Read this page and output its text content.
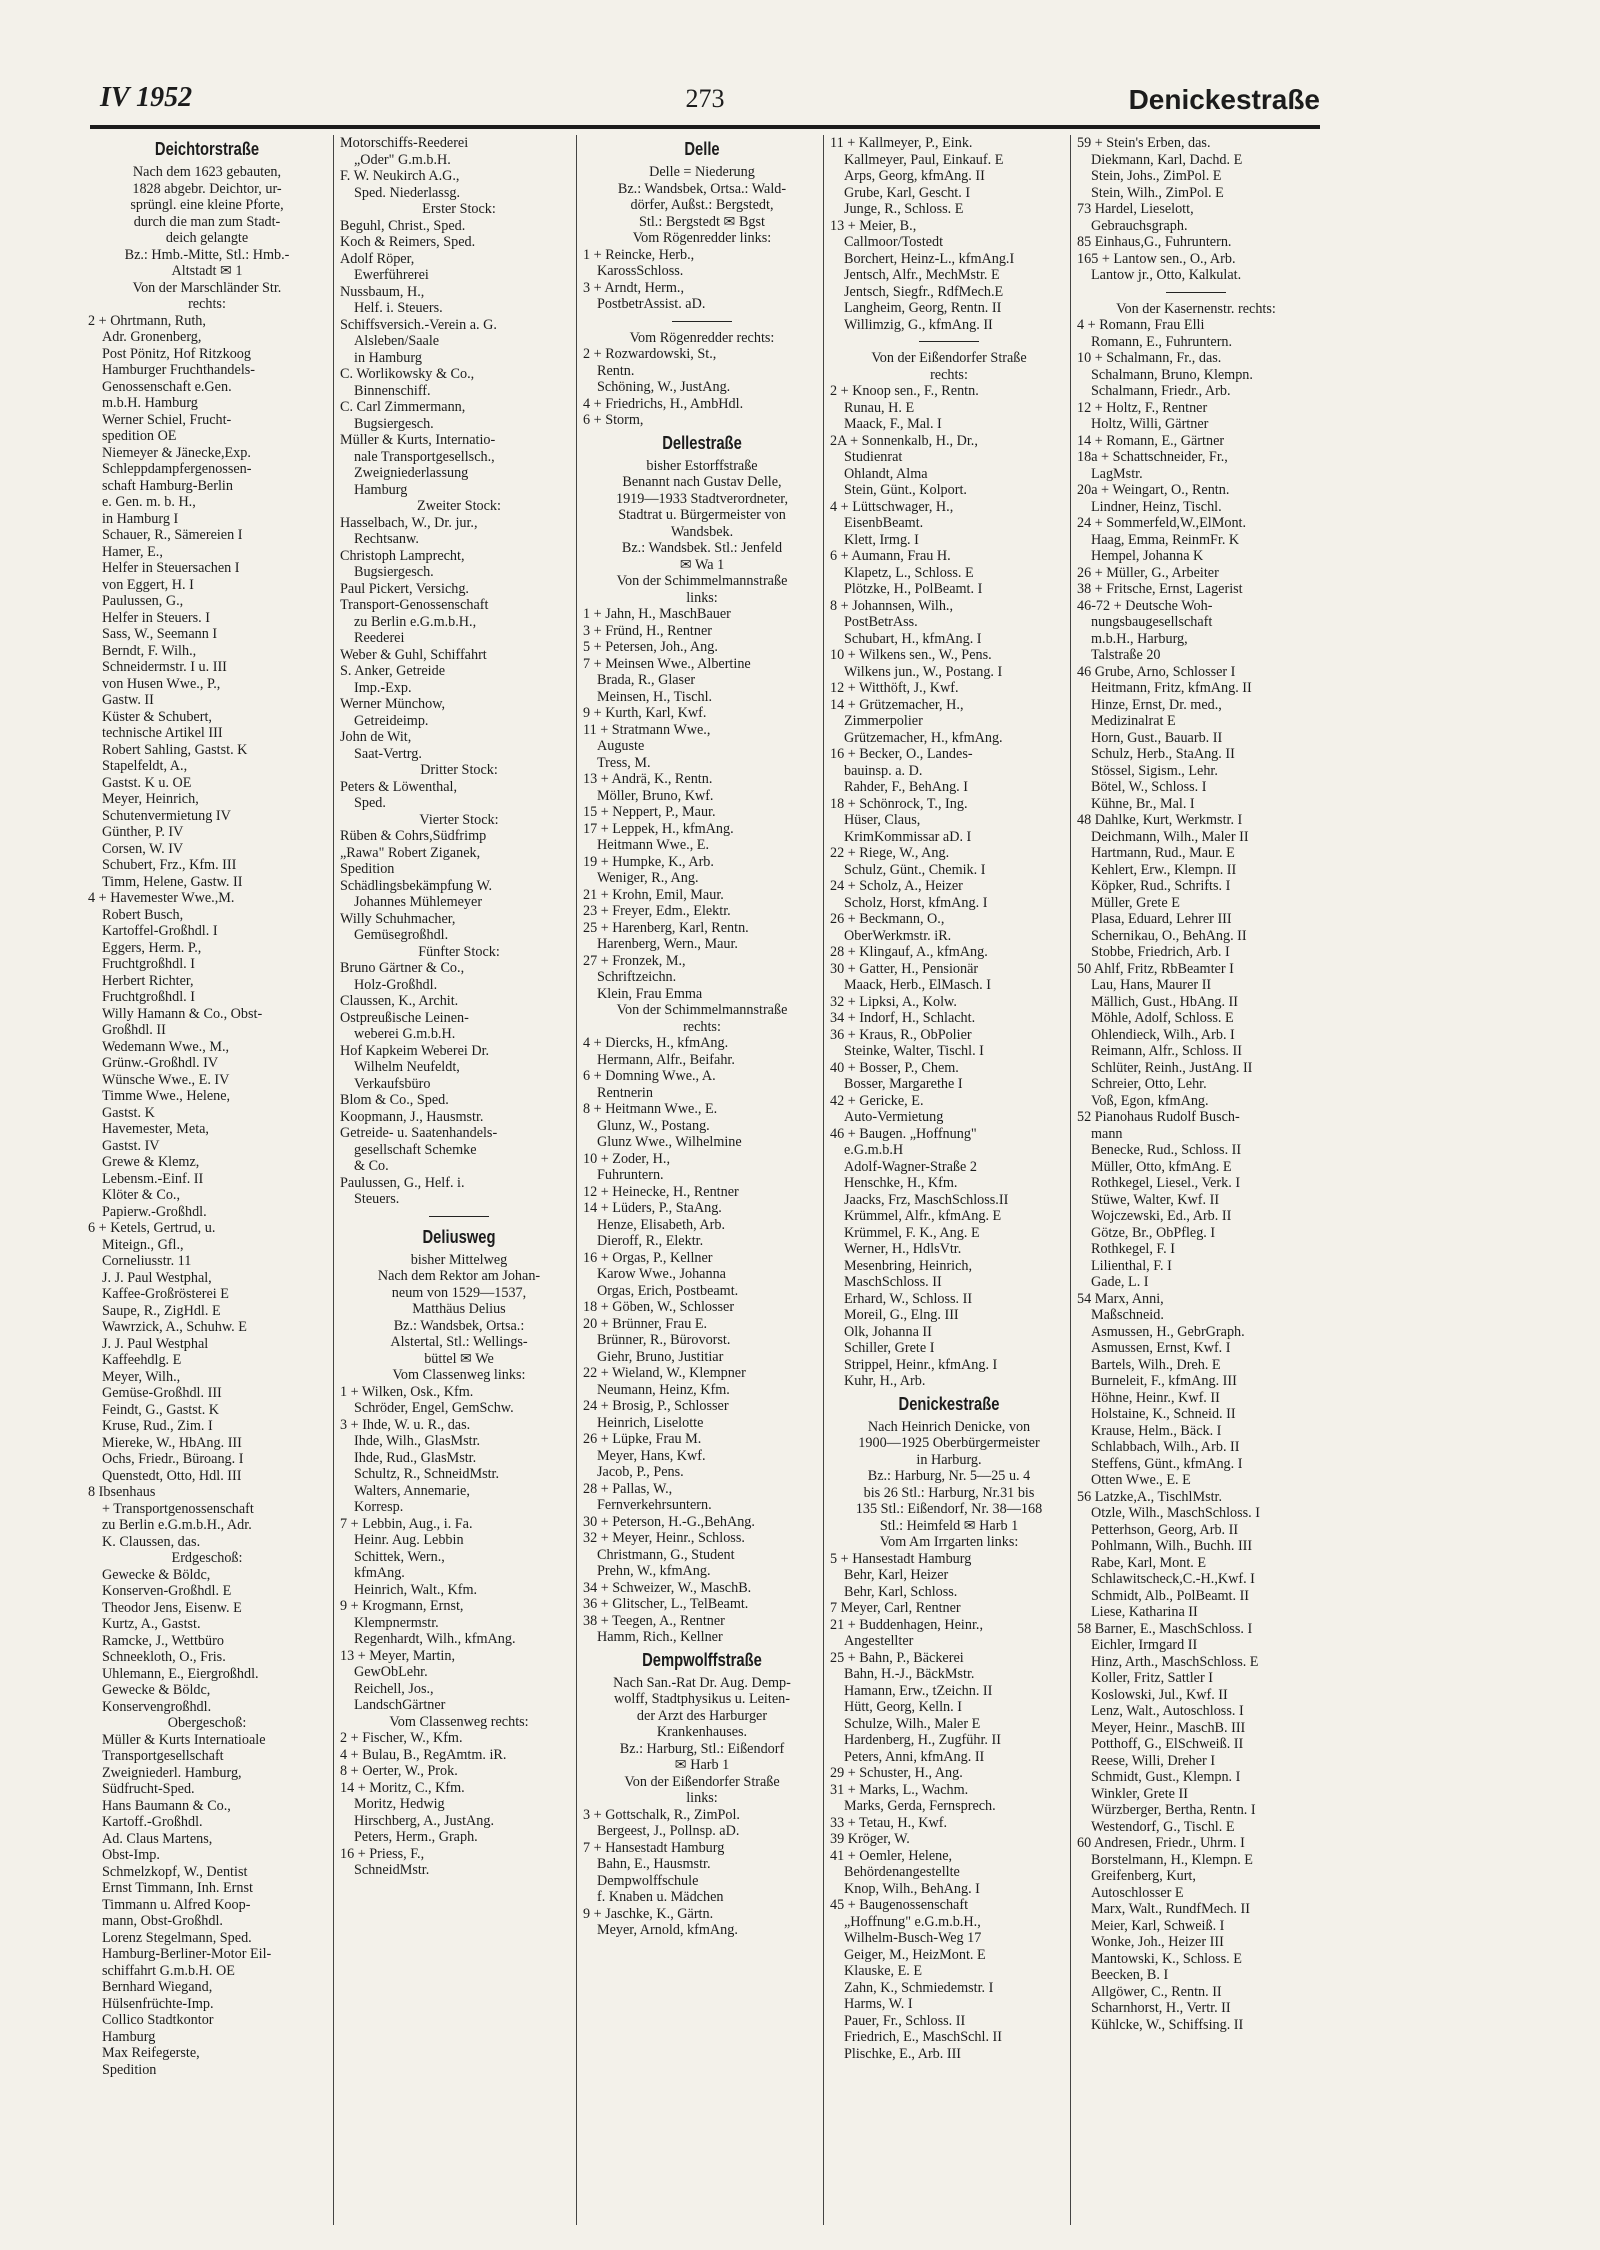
IV 1952	273	Denickestraße
Deichtorstraße
Nach dem 1623 gebauten,
1828 abgebr. Deichtor, ur-
sprüngl. eine kleine Pforte,
durch die man zum Stadt-
deich gelangte
Bz.: Hmb.-Mitte, Stl.: Hmb.-
Altstadt ✉ 1
Von der Marschländer Str.
rechts:
2 + Ohrtmann, Ruth,
Adr. Gronenberg,
Post Pönitz, Hof Ritzkoog
Hamburger Fruchthandels-
Genossenschaft e.Gen.
m.b.H. Hamburg
Werner Schiel, Frucht-
spedition OE
Niemeyer & Jänecke,Exp.
Schleppdampfergenossen-
schaft Hamburg-Berlin
e. Gen. m. b. H.,
in Hamburg I
Schauer, R., Sämereien I
Hamer, E.,
Helfer in Steuersachen I
von Eggert, H. I
Paulussen, G.,
Helfer in Steuers. I
Sass, W., Seemann I
Berndt, F. Wilh.,
Schneidermstr. I u. III
von Husen Wwe., P.,
Gastw. II
Küster & Schubert,
technische Artikel III
Robert Sahling, Gastst. K
Stapelfeldt, A.,
Gastst. K u. OE
Meyer, Heinrich,
Schutenvermietung IV
Günther, P. IV
Corsen, W. IV
Schubert, Frz., Kfm. III
Timm, Helene, Gastw. II
4 + Havemester Wwe.,M.
Robert Busch,
Kartoffel-Großhdl. I
Eggers, Herm. P.,
Fruchtgroßhdl. I
Herbert Richter,
Fruchtgroßhdl. I
Willy Hamann & Co., Obst-
Großhdl. II
Wedemann Wwe., M.,
Grünw.-Großhdl. IV
Wünsche Wwe., E. IV
Timme Wwe., Helene,
Gastst. K
Havemester, Meta,
Gastst. IV
Grewe & Klemz,
Lebensm.-Einf. II
Klöter & Co.,
Papierw.-Großhdl.
6 + Ketels, Gertrud, u.
Miteign., Gfl.,
Corneliusstr. 11
J. J. Paul Westphal,
Kaffee-Großrösterei E
Saupe, R., ZigHdl. E
Wawrzick, A., Schuhw. E
J. J. Paul Westphal
Kaffeehdlg. E
Meyer, Wilh.,
Gemüse-Großhdl. III
Feindt, G., Gastst. K
Kruse, Rud., Zim. I
Miereke, W., HbAng. III
Ochs, Friedr., Büroang. I
Quenstedt, Otto, Hdl. III
8 Ibsenhaus
+ Transportgenossenschaft
zu Berlin e.G.m.b.H., Adr.
K. Claussen, das.
Erdgeschoß:
Gewecke & Böldc,
Konserven-Großhdl. E
Theodor Jens, Eisenw. E
Kurtz, A., Gastst.
Ramcke, J., Wettbüro
Schneekloth, O., Fris.
Uhlemann, E., Eiergroßhdl.
Gewecke & Böldc,
Konservengroßhdl.
Obergeschoß:
Müller & Kurts Internatioale
Transportgesellschaft
Zweigniederl. Hamburg,
Südfrucht-Sped.
Hans Baumann & Co.,
Kartoff.-Großhdl.
Ad. Claus Martens,
Obst-Imp.
Schmelzkopf, W., Dentist
Ernst Timmann, Inh. Ernst
Timmann u. Alfred Koop-
mann, Obst-Großhdl.
Lorenz Stegelmann, Sped.
Hamburg-Berliner-Motor Eil-
schiffahrt G.m.b.H. OE
Bernhard Wiegand,
Hülsenfrüchte-Imp.
Collico Stadtkontor
Hamburg
Max Reifegerste,
Spedition
Motorschiffs-Reederei
„Oder" G.m.b.H.
F. W. Neukirch A.G.,
Sped. Niederlassg.
Erster Stock:
Beguhl, Christ., Sped.
Koch & Reimers, Sped.
Adolf Röper,
Ewerführerei
Nussbaum, H.,
Helf. i. Steuers.
Schiffsversich.-Verein a. G.
Alsleben/Saale
in Hamburg
C. Worlikowsky & Co.,
Binnenschiff.
C. Carl Zimmermann,
Bugsiergesch.
Müller & Kurts, Internatio-
nale Transportgesellsch.,
Zweigniederlassung
Hamburg
Zweiter Stock:
Hasselbach, W., Dr. jur.,
Rechtsanw.
Christoph Lamprecht,
Bugsiergesch.
Paul Pickert, Versichg.
Transport-Genossenschaft
zu Berlin e.G.m.b.H.,
Reederei
Weber & Guhl, Schiffahrt
S. Anker, Getreide
Imp.-Exp.
Werner Münchow,
Getreideimp.
John de Wit,
Saat-Vertrg.
Dritter Stock:
Peters & Löwenthal,
Sped.
Vierter Stock:
Rüben & Cohrs,Südfrimp
„Rawa" Robert Ziganek,
Spedition
Schädlingsbekämpfung W.
Johannes Mühlemeyer
Willy Schuhmacher,
Gemüsegroßhdl.
Fünfter Stock:
Bruno Gärtner & Co.,
Holz-Großhdl.
Claussen, K., Archit.
Ostpreußische Leinen-
weberei G.m.b.H.
Hof Kapkeim Weberei Dr.
Wilhelm Neufeldt,
Verkaufsbüro
Blom & Co., Sped.
Koopmann, J., Hausmstr.
Getreide- u. Saatenhandels-
gesellschaft Schemke
& Co.
Paulussen, G., Helf. i.
Steuers.
Deliusweg
bisher Mittelweg
Nach dem Rektor am Johan-
neum von 1529—1537,
Matthäus Delius
Bz.: Wandsbek, Ortsa.:
Alstertal, Stl.: Wellings-
büttel ✉ We
Vom Classenweg links:
1 + Wilken, Osk., Kfm.
Schröder, Engel, GemSchw.
3 + Ihde, W. u. R., das.
Ihde, Wilh., GlasMstr.
Ihde, Rud., GlasMstr.
Schultz, R., SchneidMstr.
Walters, Annemarie,
Korresp.
7 + Lebbin, Aug., i. Fa.
Heinr. Aug. Lebbin
Schittek, Wern.,
kfmAng.
Heinrich, Walt., Kfm.
9 + Krogmann, Ernst,
Klempnermstr.
Regenhardt, Wilh., kfmAng.
13 + Meyer, Martin,
GewObLehr.
Reichell, Jos.,
LandschGärtner
Vom Classenweg rechts:
2 + Fischer, W., Kfm.
4 + Bulau, B., RegAmtm. iR.
8 + Oerter, W., Prok.
14 + Moritz, C., Kfm.
Moritz, Hedwig
Hirschberg, A., JustAng.
Peters, Herm., Graph.
16 + Priess, F.,
SchneidMstr.
Delle
Delle = Niederung
Bz.: Wandsbek, Ortsa.: Wald-
dörfer, Außst.: Bergstedt,
Stl.: Bergstedt ✉ Bgst
Vom Rögenredder links:
1 + Reincke, Herb.,
KarossSchloss.
3 + Arndt, Herm.,
PostbetrAssist. aD.
Vom Rögenredder rechts:
2 + Rozwardowski, St.,
Rentn.
Schöning, W., JustAng.
4 + Friedrichs, H., AmbHdl.
6 + Storm,
Dellestraße
bisher Estorffstraße
Benannt nach Gustav Delle,
1919—1933 Stadtverordneter,
Stadtrat u. Bürgermeister von
Wandsbek.
Bz.: Wandsbek. Stl.: Jenfeld
✉ Wa 1
Von der Schimmelmannstraße
links:
1 + Jahn, H., MaschBauer
3 + Fründ, H., Rentner
5 + Petersen, Joh., Ang.
7 + Meinsen Wwe., Albertine
Brada, R., Glaser
Meinsen, H., Tischl.
9 + Kurth, Karl, Kwf.
11 + Stratmann Wwe.,
Auguste
Tress, M.
13 + Andrä, K., Rentn.
Möller, Bruno, Kwf.
15 + Neppert, P., Maur.
17 + Leppek, H., kfmAng.
Heitmann Wwe., E.
19 + Humpke, K., Arb.
Weniger, R., Ang.
21 + Krohn, Emil, Maur.
23 + Freyer, Edm., Elektr.
25 + Harenberg, Karl, Rentn.
Harenberg, Wern., Maur.
27 + Fronzek, M.,
Schriftzeichn.
Klein, Frau Emma
Von der Schimmelmannstraße
rechts:
4 + Diercks, H., kfmAng.
Hermann, Alfr., Beifahr.
6 + Domning Wwe., A.
Rentnerin
8 + Heitmann Wwe., E.
Glunz, W., Postang.
Glunz Wwe., Wilhelmine
10 + Zoder, H.,
Fuhruntern.
12 + Heinecke, H., Rentner
14 + Lüders, P., StaAng.
Henze, Elisabeth, Arb.
Dieroff, R., Elektr.
16 + Orgas, P., Kellner
Karow Wwe., Johanna
Orgas, Erich, Postbeamt.
18 + Göben, W., Schlosser
20 + Brünner, Frau E.
Brünner, R., Bürovorst.
Giehr, Bruno, Justitiar
22 + Wieland, W., Klempner
Neumann, Heinz, Kfm.
24 + Brosig, P., Schlosser
Heinrich, Liselotte
26 + Lüpke, Frau M.
Meyer, Hans, Kwf.
Jacob, P., Pens.
28 + Pallas, W.,
Fernverkehrsuntern.
30 + Peterson, H.-G.,BehAng.
32 + Meyer, Heinr., Schloss.
Christmann, G., Student
Prehn, W., kfmAng.
34 + Schweizer, W., MaschB.
36 + Glitscher, L., TelBeamt.
38 + Teegen, A., Rentner
Hamm, Rich., Kellner
Dempwolffstraße
Nach San.-Rat Dr. Aug. Demp-
wolff, Stadtphysikus u. Leiten-
der Arzt des Harburger
Krankenhauses.
Bz.: Harburg, Stl.: Eißendorf
✉ Harb 1
Von der Eißendorfer Straße
links:
3 + Gottschalk, R., ZimPol.
Bergeest, J., Pollnsp. aD.
7 + Hansestadt Hamburg
Bahn, E., Hausmstr.
Dempwolffschule
f. Knaben u. Mädchen
9 + Jaschke, K., Gärtn.
Meyer, Arnold, kfmAng.
11 + Kallmeyer, P., Eink.
Kallmeyer, Paul, Einkauf. E
Arps, Georg, kfmAng. II
Grube, Karl, Gescht. I
Junge, R., Schloss. E
13 + Meier, B.,
Callmoor/Tostedt
Borchert, Heinz-L., kfmAng.I
Jentsch, Alfr., MechMstr. E
Jentsch, Siegfr., RdfMech.E
Langheim, Georg, Rentn. II
Willimzig, G., kfmAng. II
Von der Eißendorfer Straße
rechts:
2 + Knoop sen., F., Rentn.
Runau, H. E
Maack, F., Mal. I
2A + Sonnenkalb, H., Dr.,
Studienrat
Ohlandt, Alma
Stein, Günt., Kolport.
4 + Lüttschwager, H.,
EisenbBeamt.
Klett, Irmg. I
6 + Aumann, Frau H.
Klapetz, L., Schloss. E
Plötzke, H., PolBeamt. I
8 + Johannsen, Wilh.,
PostBetrAss.
Schubart, H., kfmAng. I
10 + Wilkens sen., W., Pens.
Wilkens jun., W., Postang. I
12 + Witthöft, J., Kwf.
14 + Grützemacher, H.,
Zimmerpolier
Grützemacher, H., kfmAng.
16 + Becker, O., Landes-
bauinsp. a. D.
Rahder, F., BehAng. I
18 + Schönrock, T., Ing.
Hüser, Claus,
KrimKommissar aD. I
22 + Riege, W., Ang.
Schulz, Günt., Chemik. I
24 + Scholz, A., Heizer
Scholz, Horst, kfmAng. I
26 + Beckmann, O.,
OberWerkmstr. iR.
28 + Klingauf, A., kfmAng.
30 + Gatter, H., Pensionär
Maack, Herb., ElMasch. I
32 + Lipksi, A., Kolw.
34 + Indorf, H., Schlacht.
36 + Kraus, R., ObPolier
Steinke, Walter, Tischl. I
40 + Bosser, P., Chem.
Bosser, Margarethe I
42 + Gericke, E.
Auto-Vermietung
46 + Baugen. „Hoffnung"
e.G.m.b.H
Adolf-Wagner-Straße 2
Henschke, H., Kfm.
Jaacks, Frz, MaschSchloss.II
Krümmel, Alfr., kfmAng. E
Krümmel, F. K., Ang. E
Werner, H., HdlsVtr.
Mesenbring, Heinrich,
MaschSchloss. II
Erhard, W., Schloss. II
Moreil, G., Elng. III
Olk, Johanna II
Schiller, Grete I
Strippel, Heinr., kfmAng. I
Kuhr, H., Arb.
Denickestraße
Nach Heinrich Denicke, von
1900—1925 Oberbürgermeister
in Harburg.
Bz.: Harburg, Nr. 5—25 u. 4
bis 26 Stl.: Harburg, Nr.31 bis
135 Stl.: Eißendorf, Nr. 38—168
Stl.: Heimfeld ✉ Harb 1
Vom Am Irrgarten links:
5 + Hansestadt Hamburg
Behr, Karl, Heizer
Behr, Karl, Schloss.
7 Meyer, Carl, Rentner
21 + Buddenhagen, Heinr.,
Angestellter
25 + Bahn, P., Bäckerei
Bahn, H.-J., BäckMstr.
Hamann, Erw., tZeichn. II
Hütt, Georg, Kelln. I
Schulze, Wilh., Maler E
Hardenberg, H., Zugführ. II
Peters, Anni, kfmAng. II
29 + Schuster, H., Ang.
31 + Marks, L., Wachm.
Marks, Gerda, Fernsprech.
33 + Tetau, H., Kwf.
39 Kröger, W.
41 + Oemler, Helene,
Behördenangestellte
Knop, Wilh., BehAng. I
45 + Baugenossenschaft
„Hoffnung" e.G.m.b.H.,
Wilhelm-Busch-Weg 17
Geiger, M., HeizMont. E
Klauske, E. E
Zahn, K., Schmiedemstr. I
Harms, W. I
Pauer, Fr., Schloss. II
Friedrich, E., MaschSchl. II
Plischke, E., Arb. III
59 + Stein's Erben, das.
Diekmann, Karl, Dachd. E
Stein, Johs., ZimPol. E
Stein, Wilh., ZimPol. E
73 Hardel, Lieselott,
Gebrauchsgraph.
85 Einhaus,G., Fuhruntern.
165 + Lantow sen., O., Arb.
Lantow jr., Otto, Kalkulat.
Von der Kasernenstr. rechts:
4 + Romann, Frau Elli
Romann, E., Fuhruntern.
10 + Schalmann, Fr., das.
Schalmann, Bruno, Klempn.
Schalmann, Friedr., Arb.
12 + Holtz, F., Rentner
Holtz, Willi, Gärtner
14 + Romann, E., Gärtner
18a + Schattschneider, Fr.,
LagMstr.
20a + Weingart, O., Rentn.
Lindner, Heinz, Tischl.
24 + Sommerfeld,W.,ElMont.
Haag, Emma, ReinmFr. K
Hempel, Johanna K
26 + Müller, G., Arbeiter
38 + Fritsche, Ernst, Lagerist
46-72 + Deutsche Woh-
nungsbaugesellschaft
m.b.H., Harburg,
Talstraße 20
46 Grube, Arno, Schlosser I
Heitmann, Fritz, kfmAng. II
Hinze, Ernst, Dr. med.,
Medizinalrat E
Horn, Gust., Bauarb. II
Schulz, Herb., StaAng. II
Stössel, Sigism., Lehr.
Bötel, W., Schloss. I
Kühne, Br., Mal. I
48 Dahlke, Kurt, Werkmstr. I
Deichmann, Wilh., Maler II
Hartmann, Rud., Maur. E
Kehlert, Erw., Klempn. II
Köpker, Rud., Schrifts. I
Müller, Grete E
Plasa, Eduard, Lehrer III
Schernikau, O., BehAng. II
Stobbe, Friedrich, Arb. I
50 Ahlf, Fritz, RbBeamter I
Lau, Hans, Maurer II
Mällich, Gust., HbAng. II
Möhle, Adolf, Schloss. E
Ohlendieck, Wilh., Arb. I
Reimann, Alfr., Schloss. II
Schlüter, Reinh., JustAng. II
Schreier, Otto, Lehr.
Voß, Egon, kfmAng.
52 Pianohaus Rudolf Busch-
mann
Benecke, Rud., Schloss. II
Müller, Otto, kfmAng. E
Rothkegel, Liesel., Verk. I
Stüwe, Walter, Kwf. II
Wojczewski, Ed., Arb. II
Götze, Br., ObPfleg. I
Rothkegel, F. I
Lilienthal, F. I
Gade, L. I
54 Marx, Anni,
Maßschneid.
Asmussen, H., GebrGraph.
Asmussen, Ernst, Kwf. I
Bartels, Wilh., Dreh. E
Burneleit, F., kfmAng. III
Höhne, Heinr., Kwf. II
Holstaine, K., Schneid. II
Krause, Helm., Bäck. I
Schlabbach, Wilh., Arb. II
Steffens, Günt., kfmAng. I
Otten Wwe., E. E
56 Latzke,A., TischlMstr.
Otzle, Wilh., MaschSchloss. I
Petterhson, Georg, Arb. II
Pohlmann, Wilh., Buchh. III
Rabe, Karl, Mont. E
Schlawitscheck,C.-H.,Kwf. I
Schmidt, Alb., PolBeamt. II
Liese, Katharina II
58 Barner, E., MaschSchloss. I
Eichler, Irmgard II
Hinz, Arth., MaschSchloss. E
Koller, Fritz, Sattler I
Koslowski, Jul., Kwf. II
Lenz, Walt., Autoschloss. I
Meyer, Heinr., MaschB. III
Potthoff, G., ElSchweiß. II
Reese, Willi, Dreher I
Schmidt, Gust., Klempn. I
Winkler, Grete II
Würzberger, Bertha, Rentn. I
Westendorf, G., Tischl. E
60 Andresen, Friedr., Uhrm. I
Borstelmann, H., Klempn. E
Greifenberg, Kurt,
Autoschlosser E
Marx, Walt., RundfMech. II
Meier, Karl, Schweiß. I
Wonke, Joh., Heizer III
Mantowski, K., Schloss. E
Beecken, B. I
Allgöwer, C., Rentn. II
Scharnhorst, H., Vertr. II
Kühlcke, W., Schiffsing. II
